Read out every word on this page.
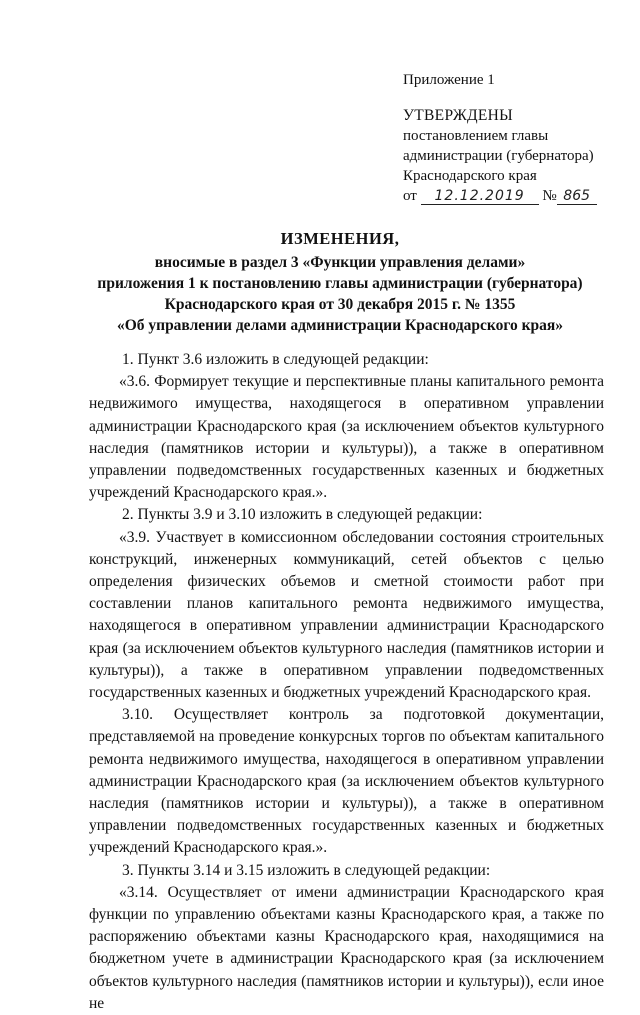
Приложение 1
УТВЕРЖДЕНЫ
постановлением главы
администрации (губернатора)
Краснодарского края
от 12.12.2019 № 865
ИЗМЕНЕНИЯ,
вносимые в раздел 3 «Функции управления делами»
приложения 1 к постановлению главы администрации (губернатора)
Краснодарского края от 30 декабря 2015 г. № 1355
«Об управлении делами администрации Краснодарского края»

1. Пункт 3.6 изложить в следующей редакции:

«3.6. Формирует текущие и перспективные планы капитального ремонта недвижимого имущества, находящегося в оперативном управлении администрации Краснодарского края (за исключением объектов культурного наследия (памятников истории и культуры)), а также в оперативном управлении подведомственных государственных казенных и бюджетных учреждений Краснодарского края.».

2. Пункты 3.9 и 3.10 изложить в следующей редакции:

«3.9. Участвует в комиссионном обследовании состояния строительных конструкций, инженерных коммуникаций, сетей объектов с целью определения физических объемов и сметной стоимости работ при составлении планов капитального ремонта недвижимого имущества, находящегося в оперативном управлении администрации Краснодарского края (за исключением объектов культурного наследия (памятников истории и культуры)), а также в оперативном управлении подведомственных государственных казенных и бюджетных учреждений Краснодарского края.

3.10. Осуществляет контроль за подготовкой документации, представляемой на проведение конкурсных торгов по объектам капитального ремонта недвижимого имущества, находящегося в оперативном управлении администрации Краснодарского края (за исключением объектов культурного наследия (памятников истории и культуры)), а также в оперативном управлении подведомственных государственных казенных и бюджетных учреждений Краснодарского края.».

3. Пункты 3.14 и 3.15 изложить в следующей редакции:

«3.14. Осуществляет от имени администрации Краснодарского края функции по управлению объектами казны Краснодарского края, а также по распоряжению объектами казны Краснодарского края, находящимися на бюджетном учете в администрации Краснодарского края (за исключением объектов культурного наследия (памятников истории и культуры)), если иное не
